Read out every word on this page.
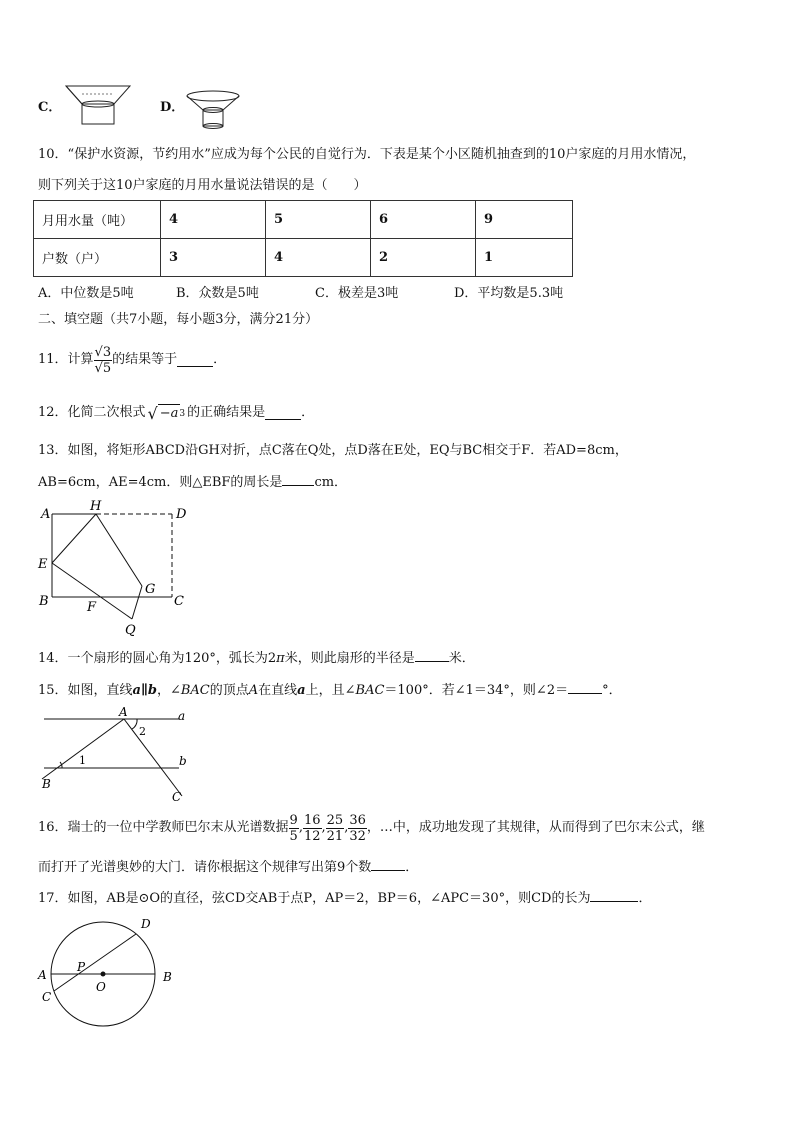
C．	D．
10．“保护水资源，节约用水”应成为每个公民的自觉行为．下表是某个小区随机抽查到的10户家庭的月用水情况，
则下列关于这10户家庭的月用水量说法错误的是（　　）
月用水量（吨）	4	5	6	9
户数（户）	3	4	2	1
A．中位数是5吨	B．众数是5吨	C．极差是3吨	D．平均数是5.3吨
二、填空题（共7小题，每小题3分，满分21分）
11．计算 $\frac{√3}{√5}$ 的结果等于	．
12．化简二次根式 √ −a 3 的正确结果是	．
13．如图，将矩形ABCD沿GH对折，点C落在Q处，点D落在E处，EQ与BC相交于F．若AD=8cm，
AB=6cm，AE=4cm．则△EBF的周长是 cm．
A
H
D
E
G
B	F	C
Q
14．一个扇形的圆心角为120°，弧长为2π米，则此扇形的半径是	米．
15．如图，直线a∥b，∠BAC的顶点A在直线a上，且∠BAC＝100°．若∠1＝34°，则∠2＝	°．
A	a
b
B
C
1
2
16．瑞士的一位中学教师巴尔末从光谱数据 $\frac{9}{5}$ , $\frac{16}{12}$ , $\frac{25}{21}$ , $\frac{36}{32}$ ，…中，成功地发现了其规律，从而得到了巴尔末公式，继
而打开了光谱奥妙的大门．请你根据这个规律写出第9个数	．
17．如图，AB是⊙O的直径，弦CD交AB于点P，AP＝2，BP＝6，∠APC＝30°，则CD的长为	．
A	B
C
D
P
O
